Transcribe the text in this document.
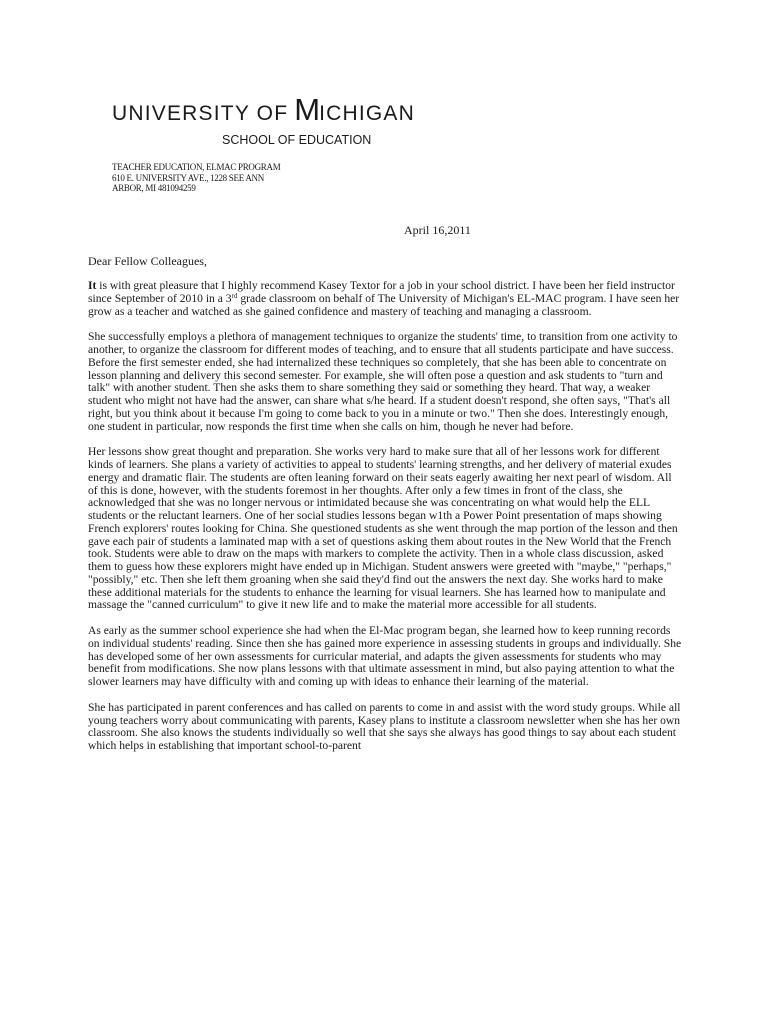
UNIVERSITY OF MICHIGAN
SCHOOL OF EDUCATION
TEACHER EDUCATION, ELMAC PROGRAM
610 E. UNIVERSITY AVE., 1228 SEE ANN
ARBOR, MI 481094259
April 16,2011
Dear Fellow Colleagues,

It is with great pleasure that I highly recommend Kasey Textor for a job in your school district. I have been her field instructor since September of 2010 in a 3rd grade classroom on behalf of The University of Michigan's EL-MAC program. I have seen her grow as a teacher and watched as she gained confidence and mastery of teaching and managing a classroom.

She successfully employs a plethora of management techniques to organize the students' time, to transition from one activity to another, to organize the classroom for different modes of teaching, and to ensure that all students participate and have success. Before the first semester ended, she had internalized these techniques so completely, that she has been able to concentrate on lesson planning and delivery this second semester. For example, she will often pose a question and ask students to "turn and talk" with another student. Then she asks them to share something they said or something they heard. That way, a weaker student who might not have had the answer, can share what s/he heard. If a student doesn't respond, she often says, "That's all right, but you think about it because I'm going to come back to you in a minute or two." Then she does. Interestingly enough, one student in particular, now responds the first time when she calls on him, though he never had before.

Her lessons show great thought and preparation. She works very hard to make sure that all of her lessons work for different kinds of learners. She plans a variety of activities to appeal to students' learning strengths, and her delivery of material exudes energy and dramatic flair. The students are often leaning forward on their seats eagerly awaiting her next pearl of wisdom. All of this is done, however, with the students foremost in her thoughts. After only a few times in front of the class, she acknowledged that she was no longer nervous or intimidated because she was concentrating on what would help the ELL students or the reluctant learners. One of her social studies lessons began w1th a Power Point presentation of maps showing French explorers' routes looking for China. She questioned students as she went through the map portion of the lesson and then gave each pair of students a laminated map with a set of questions asking them about routes in the New World that the French took. Students were able to draw on the maps with markers to complete the activity. Then in a whole class discussion, asked them to guess how these explorers might have ended up in Michigan. Student answers were greeted with "maybe," "perhaps," "possibly," etc. Then she left them groaning when she said they'd find out the answers the next day. She works hard to make these additional materials for the students to enhance the learning for visual learners. She has learned how to manipulate and massage the "canned curriculum" to give it new life and to make the material more accessible for all students.

As early as the summer school experience she had when the El-Mac program began, she learned how to keep running records on individual students' reading. Since then she has gained more experience in assessing students in groups and individually. She has developed some of her own assessments for curricular material, and adapts the given assessments for students who may benefit from modifications. She now plans lessons with that ultimate assessment in mind, but also paying attention to what the slower learners may have difficulty with and coming up with ideas to enhance their learning of the material.

She has participated in parent conferences and has called on parents to come in and assist with the word study groups. While all young teachers worry about communicating with parents, Kasey plans to institute a classroom newsletter when she has her own classroom. She also knows the students individually so well that she says she always has good things to say about each student which helps in establishing that important school-to-parent
